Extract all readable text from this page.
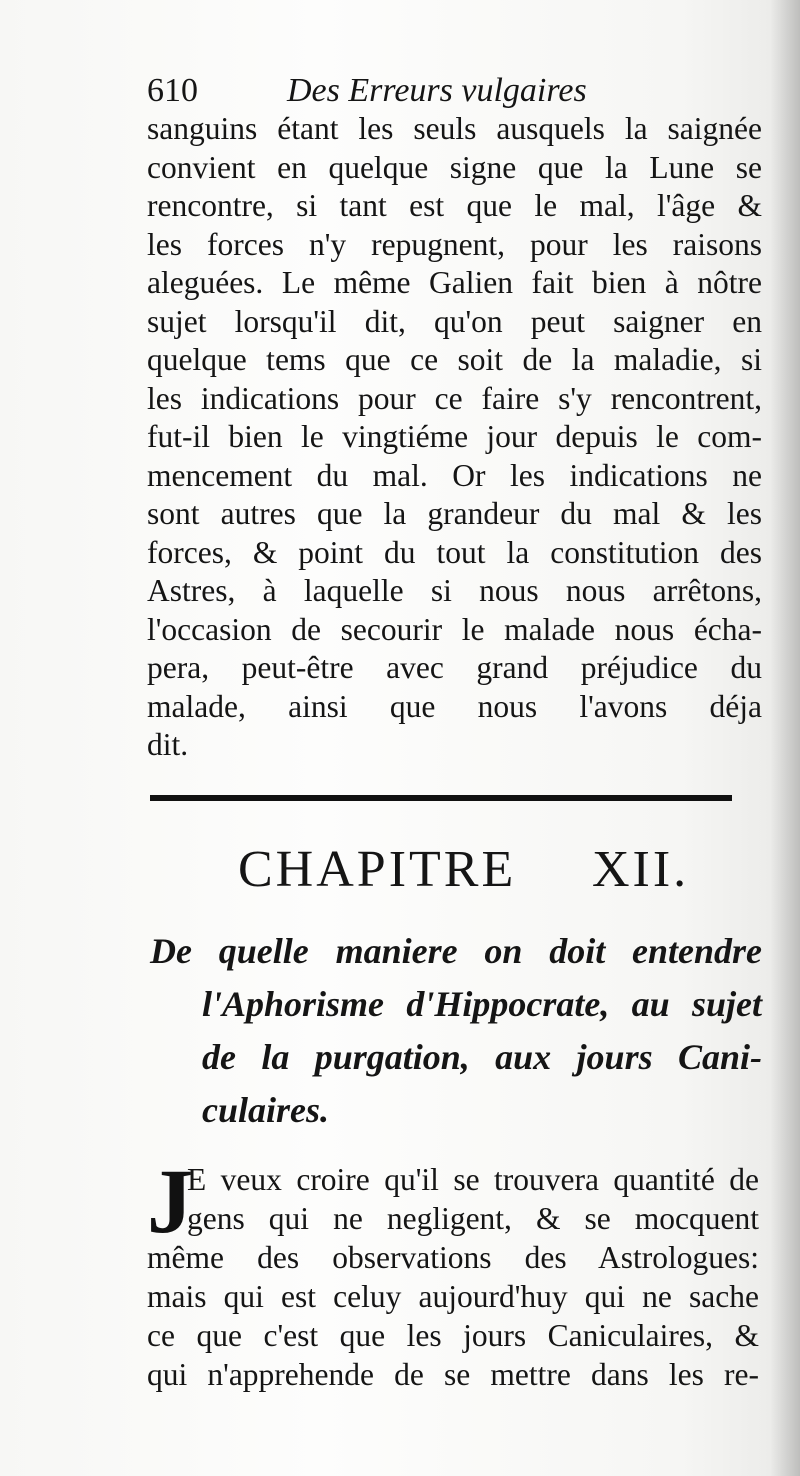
610	Des Erreurs vulgaires
sanguins étant les seuls ausquels la saignée
convient en quelque signe que la Lune se
rencontre, si tant est que le mal, l'âge &
les forces n'y repugnent, pour les raisons
aleguées. Le même Galien fait bien à nôtre
sujet lorsqu'il dit, qu'on peut saigner en
quelque tems que ce soit de la maladie, si
les indications pour ce faire s'y rencontrent,
fut-il bien le vingtiéme jour depuis le com-
mencement du mal. Or les indications ne
sont autres que la grandeur du mal & les
forces, & point du tout la constitution des
Astres, à laquelle si nous nous arrêtons,
l'occasion de secourir le malade nous écha-
pera, peut-être avec grand préjudice du
malade, ainsi que nous l'avons déja
dit.
CHAPITRE XII.
De quelle maniere on doit entendre
l'Aphorisme d'Hippocrate, au sujet
de la purgation, aux jours Cani-
culaires.
J
E veux croire qu'il se trouvera quantité de
gens qui ne negligent, & se mocquent
même des observations des Astrologues:
mais qui est celuy aujourd'huy qui ne sache
ce que c'est que les jours Caniculaires, &
qui n'apprehende de se mettre dans les re-
